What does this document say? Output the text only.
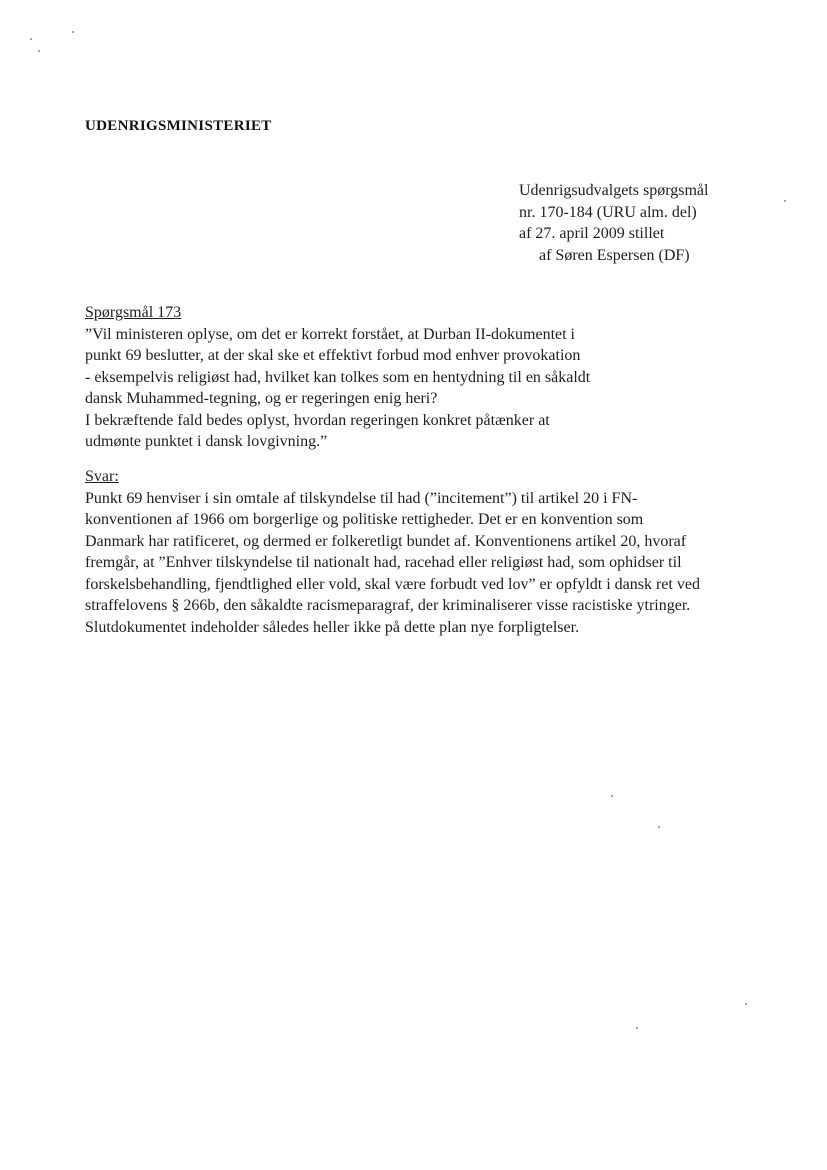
UDENRIGSMINISTERIET
Udenrigsudvalgets spørgsmål
nr. 170-184 (URU alm. del)
af 27. april 2009 stillet
af Søren Espersen (DF)
Spørgsmål 173
”Vil ministeren oplyse, om det er korrekt forstået, at Durban II-dokumentet i
punkt 69 beslutter, at der skal ske et effektivt forbud mod enhver provokation
- eksempelvis religiøst had, hvilket kan tolkes som en hentydning til en såkaldt
dansk Muhammed-tegning, og er regeringen enig heri?
I bekræftende fald bedes oplyst, hvordan regeringen konkret påtænker at
udmønte punktet i dansk lovgivning.”
Svar:
Punkt 69 henviser i sin omtale af tilskyndelse til had (”incitement”) til artikel 20 i FN-
konventionen af 1966 om borgerlige og politiske rettigheder. Det er en konvention som
Danmark har ratificeret, og dermed er folkeretligt bundet af. Konventionens artikel 20, hvoraf
fremgår, at ”Enhver tilskyndelse til nationalt had, racehad eller religiøst had, som ophidser til
forskelsbehandling, fjendtlighed eller vold, skal være forbudt ved lov” er opfyldt i dansk ret ved
straffelovens § 266b, den såkaldte racismeparagraf, der kriminaliserer visse racistiske ytringer.
Slutdokumentet indeholder således heller ikke på dette plan nye forpligtelser.
